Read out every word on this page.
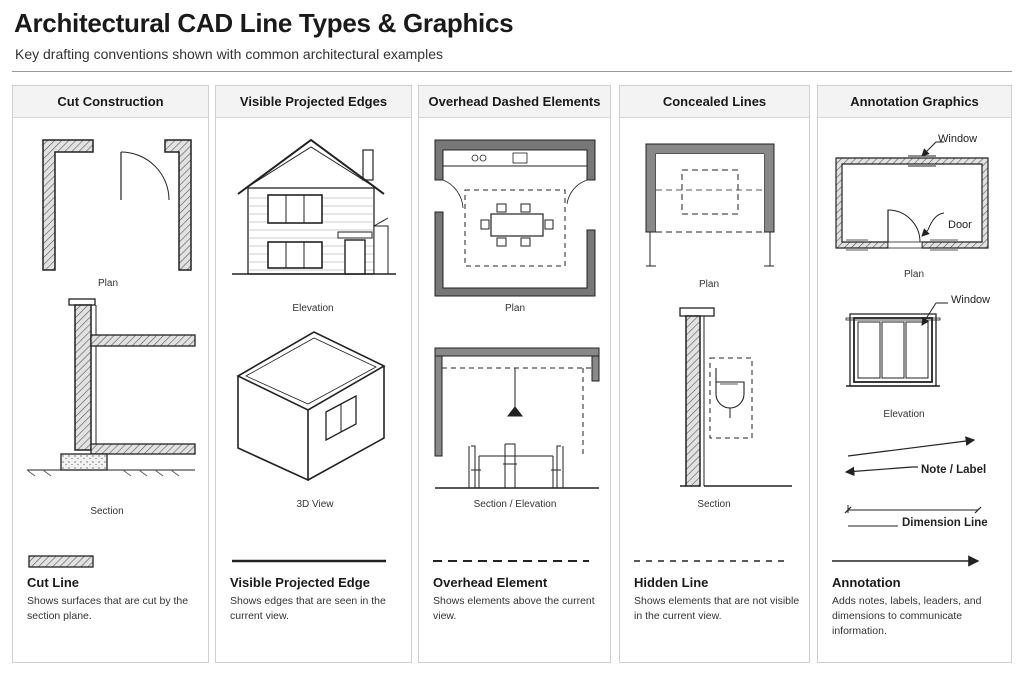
Architectural CAD Line Types & Graphics
Key drafting conventions shown with common architectural examples
Cut Construction
Plan
Section
Cut Line
Shows surfaces that are cut by the section plane.
Visible Projected Edges
Elevation
3D View
Visible Projected Edge
Shows edges that are seen in the current view.
Overhead Dashed Elements
Plan
Section / Elevation
Overhead Element
Shows elements above the current view.
Concealed Lines
Plan
Section
Hidden Line
Shows elements that are not visible in the current view.
Annotation Graphics
Window
Door
Plan
Window
Elevation
Note / Label
Dimension Line
Annotation
Adds notes, labels, leaders, and dimensions to communicate information.
